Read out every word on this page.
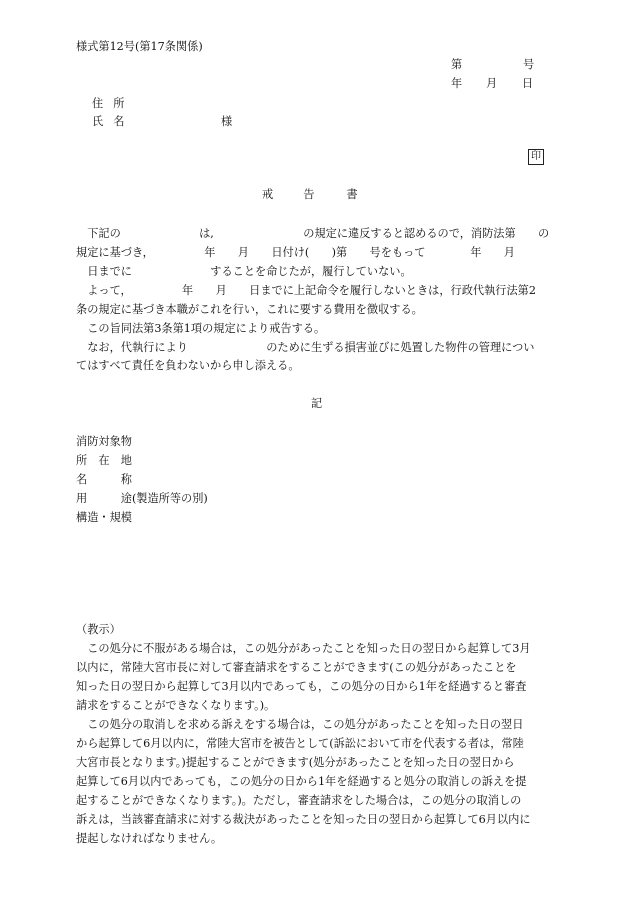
様式第12号(第17条関係)
第	号
年 月 日
住所
氏名	様
印
戒	告	書
　下記の　　　　　　　は,　　　　　　　　の規定に違反すると認めるので，消防法第　　の
規定に基づき，　　　　　年　　月　　日付け(　　)第　　号をもって　　　　年　　月
　日までに　　　　　　　することを命じたが，履行していない。
　よって，　　　　　年　　月　　日までに上記命令を履行しないときは，行政代執行法第2
条の規定に基づき本職がこれを行い，これに要する費用を徴収する。
　この旨同法第3条第1項の規定により戒告する。
　なお，代執行により　　　　　　　のために生ずる損害並びに処置した物件の管理につい
てはすべて責任を負わないから申し添える。
記
消防対象物
所　在　地
名　　　称
用　　　途(製造所等の別)
構造・規模
（教示）
　この処分に不服がある場合は，この処分があったことを知った日の翌日から起算して3月
以内に，常陸大宮市長に対して審査請求をすることができます(この処分があったことを
知った日の翌日から起算して3月以内であっても，この処分の日から1年を経過すると審査
請求をすることができなくなります。)。
　この処分の取消しを求める訴えをする場合は，この処分があったことを知った日の翌日
から起算して6月以内に，常陸大宮市を被告として(訴訟において市を代表する者は，常陸
大宮市長となります。)提起することができます(処分があったことを知った日の翌日から
起算して6月以内であっても，この処分の日から1年を経過すると処分の取消しの訴えを提
起することができなくなります。)。ただし，審査請求をした場合は，この処分の取消しの
訴えは，当該審査請求に対する裁決があったことを知った日の翌日から起算して6月以内に
提起しなければなりません。
